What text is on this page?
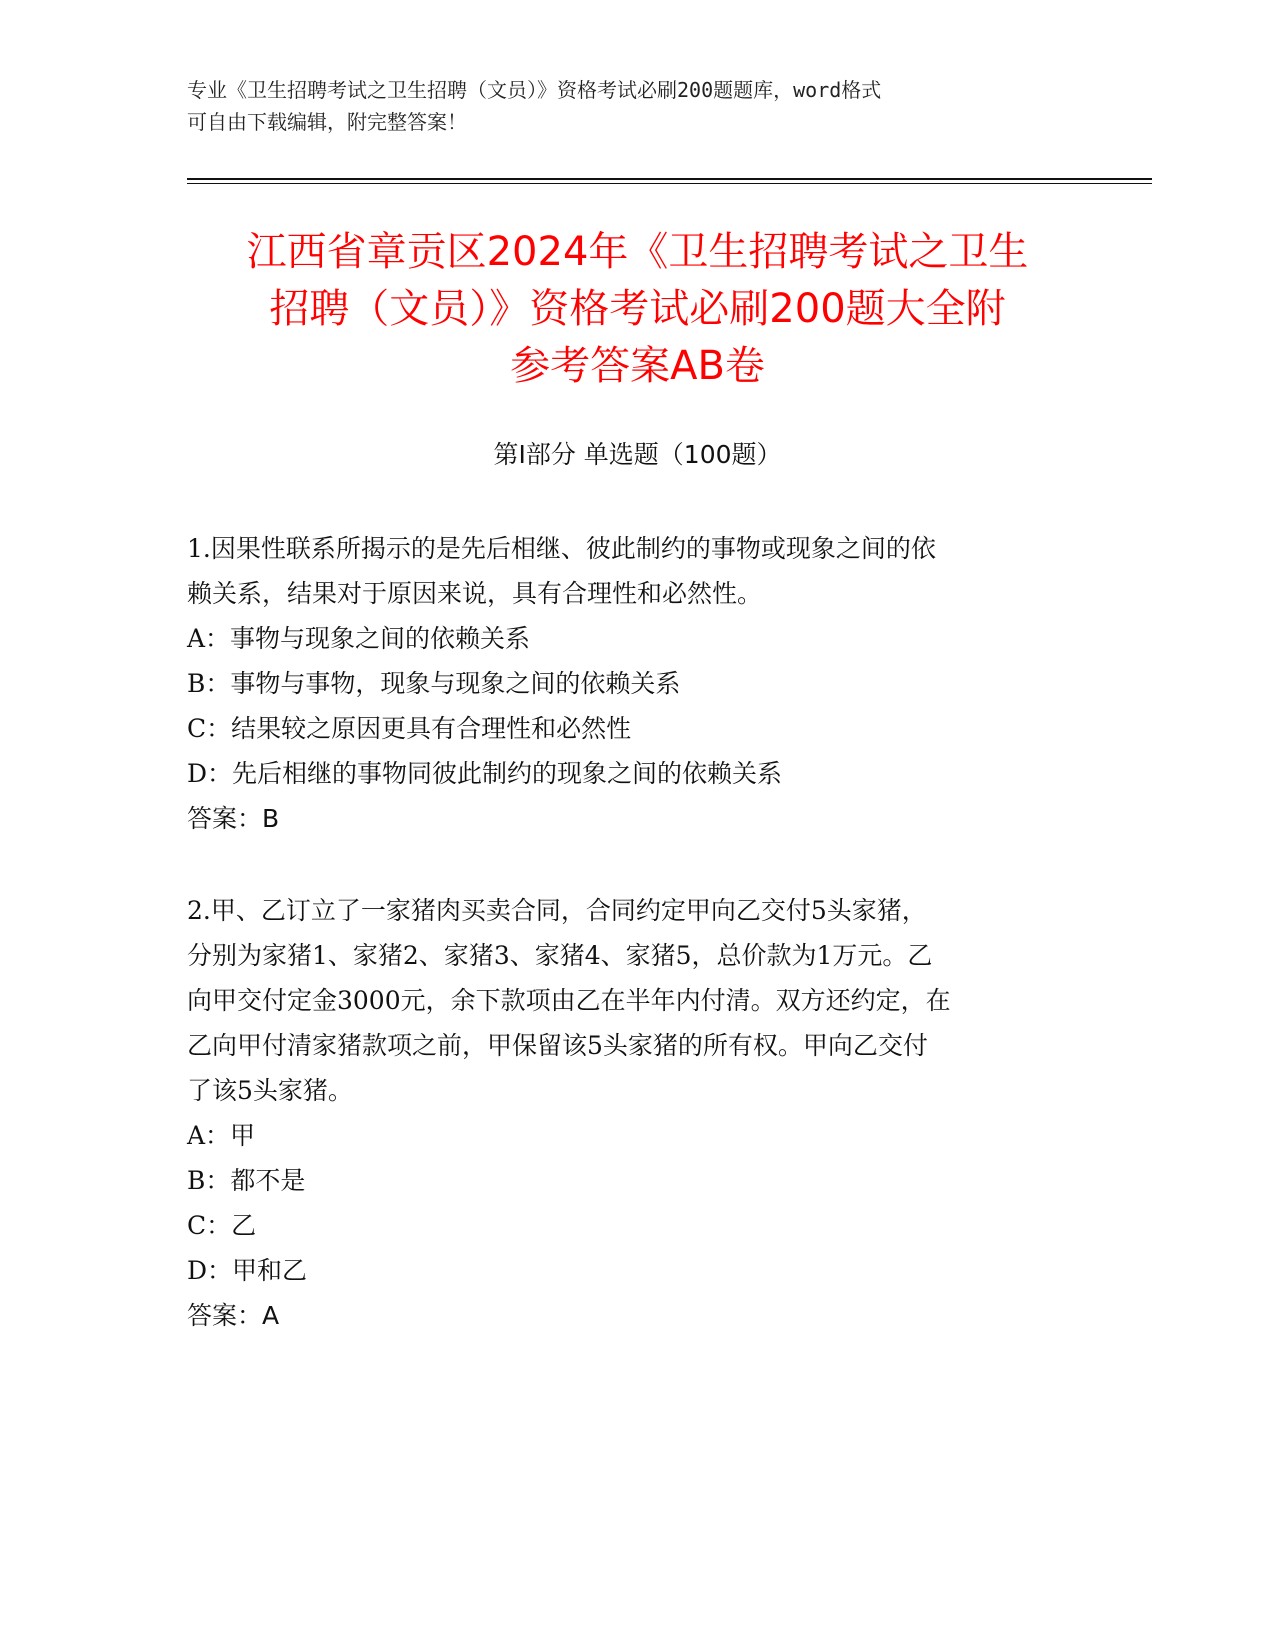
专业《卫生招聘考试之卫生招聘（文员）》资格考试必刷200题题库，word格式
可自由下载编辑，附完整答案！
江西省章贡区2024年《卫生招聘考试之卫生
招聘（文员）》资格考试必刷200题大全附
参考答案AB卷
第I部分 单选题（100题）
1.因果性联系所揭示的是先后相继、彼此制约的事物或现象之间的依
赖关系，结果对于原因来说，具有合理性和必然性。
A：事物与现象之间的依赖关系
B：事物与事物，现象与现象之间的依赖关系
C：结果较之原因更具有合理性和必然性
D：先后相继的事物同彼此制约的现象之间的依赖关系
答案：B
2.甲、乙订立了一家猪肉买卖合同，合同约定甲向乙交付5头家猪，
分别为家猪1、家猪2、家猪3、家猪4、家猪5，总价款为1万元。乙
向甲交付定金3000元，余下款项由乙在半年内付清。双方还约定，在
乙向甲付清家猪款项之前，甲保留该5头家猪的所有权。甲向乙交付
了该5头家猪。
A：甲
B：都不是
C：乙
D：甲和乙
答案：A
